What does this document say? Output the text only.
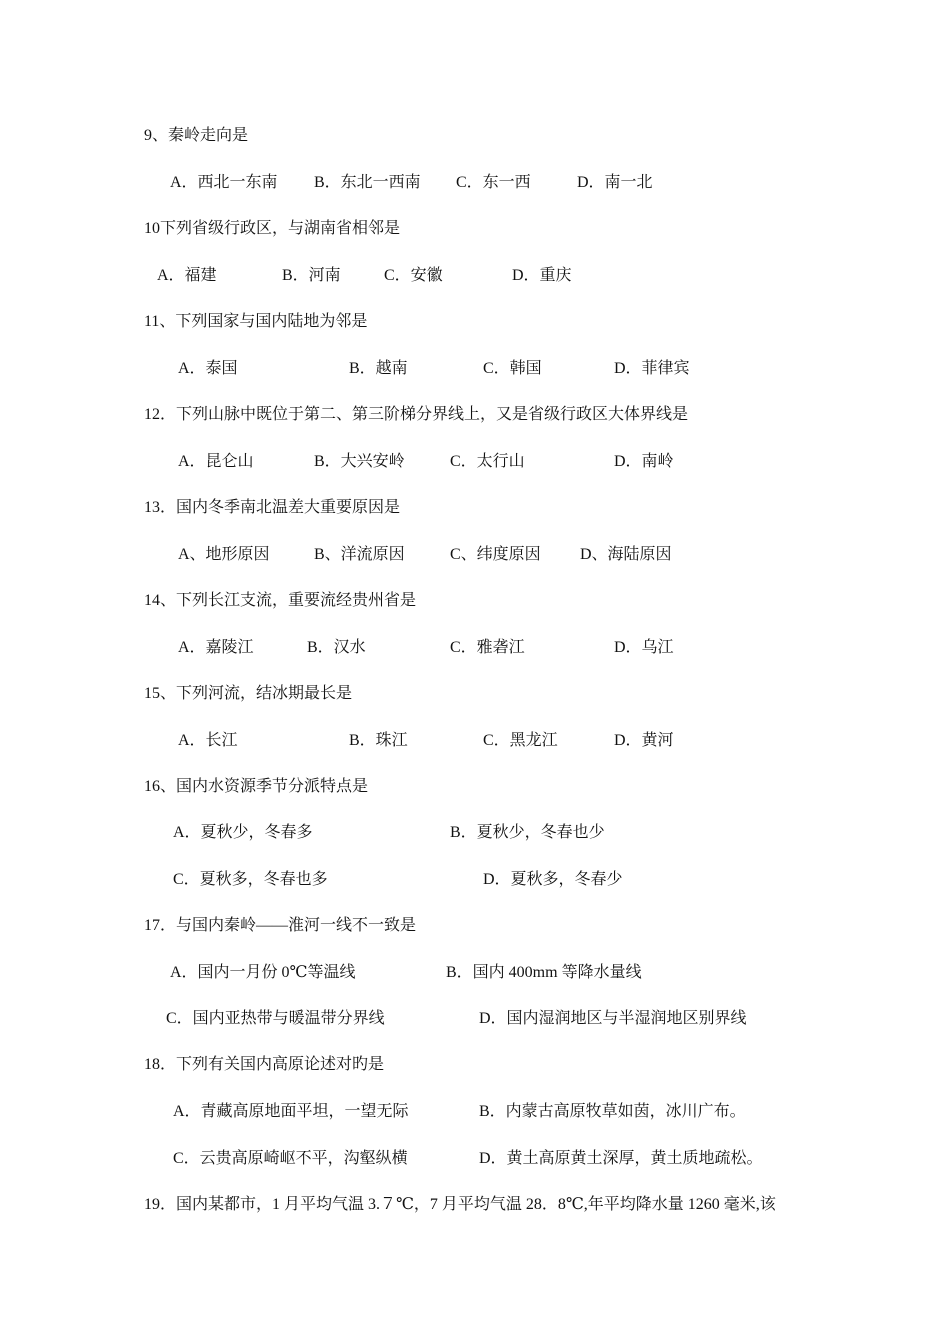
9、秦岭走向是
A．西北一东南 B．东北一西南 C．东一西	D．南一北
10下列省级行政区，与湖南省相邻是
A．福建	B．河南	C．安徽	D．重庆
11、下列国家与国内陆地为邻是
A．泰国	B．越南	C．韩国	D．菲律宾
12．下列山脉中既位于第二、第三阶梯分界线上，又是省级行政区大体界线是
A．昆仑山	B．大兴安岭	C．太行山	D．南岭
13．国内冬季南北温差大重要原因是
A、地形原因	B、洋流原因	C、纬度原因 D、海陆原因
14、下列长江支流，重要流经贵州省是
A．嘉陵江	B．汉水	C．雅砻江	D．乌江
15、下列河流，结冰期最长是
A．长江	B．珠江	C．黑龙江	D．黄河
16、国内水资源季节分派特点是
A．夏秋少，冬春多	B．夏秋少，冬春也少
C．夏秋多，冬春也多	D．夏秋多，冬春少
17．与国内秦岭——淮河一线不一致是
A．国内一月份 0℃等温线	B．国内 400mm 等降水量线
C．国内亚热带与暖温带分界线	D．国内湿润地区与半湿润地区别界线
18．下列有关国内高原论述对旳是
A．青藏高原地面平坦，一望无际	B．内蒙古高原牧草如茵，冰川广布。
C．云贵高原崎岖不平，沟壑纵横	D．黄土高原黄土深厚，黄土质地疏松。
19．国内某都市，1 月平均气温 3.７℃，7 月平均气温 28．8℃,年平均降水量 1260 毫米,该
